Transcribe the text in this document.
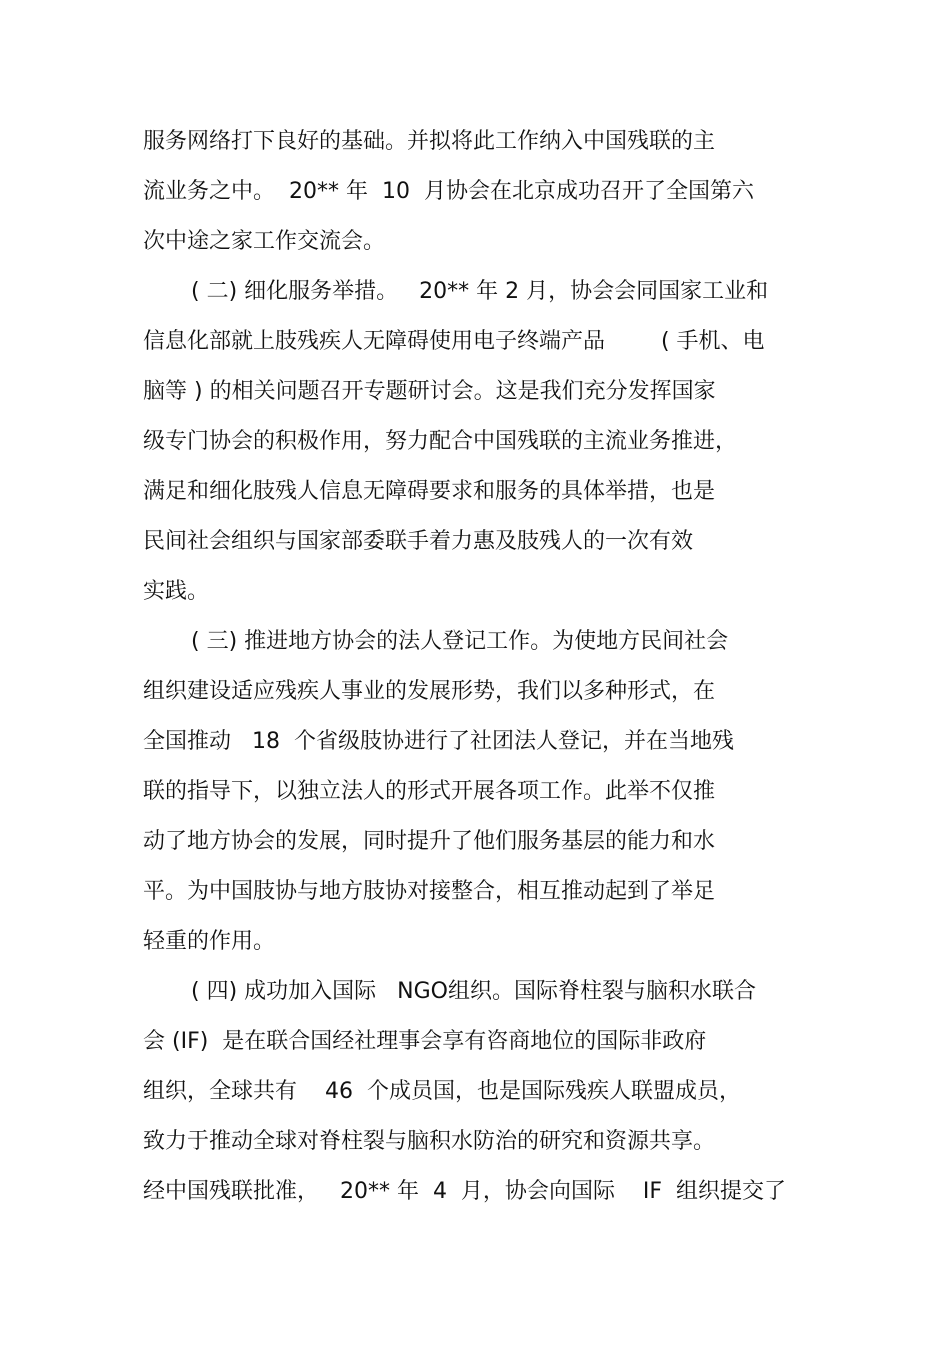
服务网络打下良好的基础。并拟将此工作纳入中国残联的主
流业务之中。  20** 年  10  月协会在北京成功召开了全国第六
次中途之家工作交流会。
( 二) 细化服务举措。   20** 年 2 月，协会会同国家工业和
信息化部就上肢残疾人无障碍使用电子终端产品        ( 手机、电
脑等 ) 的相关问题召开专题研讨会。这是我们充分发挥国家
级专门协会的积极作用，努力配合中国残联的主流业务推进，
满足和细化肢残人信息无障碍要求和服务的具体举措，也是
民间社会组织与国家部委联手着力惠及肢残人的一次有效
实践。
( 三) 推进地方协会的法人登记工作。为使地方民间社会
组织建设适应残疾人事业的发展形势，我们以多种形式，在
全国推动   18  个省级肢协进行了社团法人登记，并在当地残
联的指导下，以独立法人的形式开展各项工作。此举不仅推
动了地方协会的发展，同时提升了他们服务基层的能力和水
平。为中国肢协与地方肢协对接整合，相互推动起到了举足
轻重的作用。
( 四) 成功加入国际   NGO组织。国际脊柱裂与脑积水联合
会 (IF)  是在联合国经社理事会享有咨商地位的国际非政府
组织，全球共有    46  个成员国，也是国际残疾人联盟成员，
致力于推动全球对脊柱裂与脑积水防治的研究和资源共享。
经中国残联批准，   20** 年  4  月，协会向国际    IF  组织提交了
